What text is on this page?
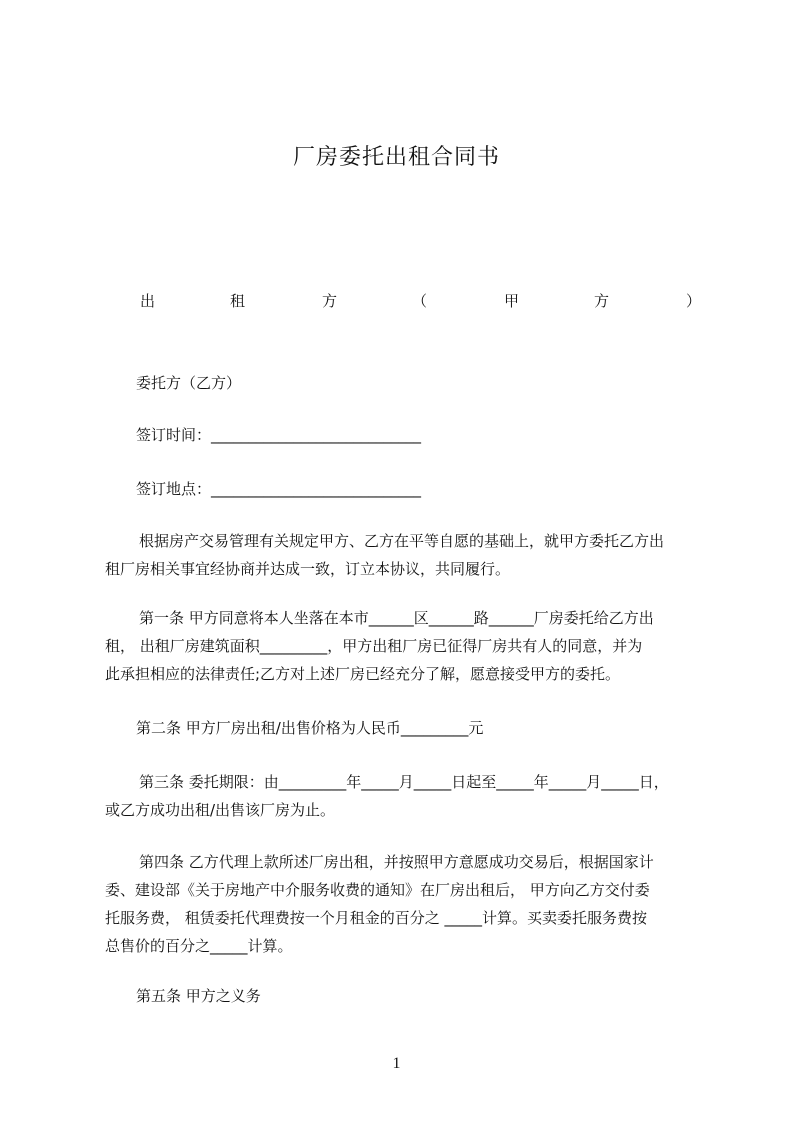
厂房委托出租合同书
出	租	方	（	甲	方	）
委托方（乙方）
签订时间：____________________________
签订地点：____________________________
根据房产交易管理有关规定甲方、乙方在平等自愿的基础上，就甲方委托乙方出
租厂房相关事宜经协商并达成一致，订立本协议，共同履行。
第一条 甲方同意将本人坐落在本市______区______路______厂房委托给乙方出
租， 出租厂房建筑面积_________，甲方出租厂房已征得厂房共有人的同意，并为
此承担相应的法律责任;乙方对上述厂房已经充分了解，愿意接受甲方的委托。
第二条 甲方厂房出租/出售价格为人民币_________元
第三条 委托期限：由_________年_____月_____日起至_____年_____月_____日，
或乙方成功出租/出售该厂房为止。
第四条 乙方代理上款所述厂房出租，并按照甲方意愿成功交易后，根据国家计
委、建设部《关于房地产中介服务收费的通知》在厂房出租后， 甲方向乙方交付委
托服务费， 租赁委托代理费按一个月租金的百分之 _____计算。买卖委托服务费按
总售价的百分之_____计算。
第五条 甲方之义务
1
